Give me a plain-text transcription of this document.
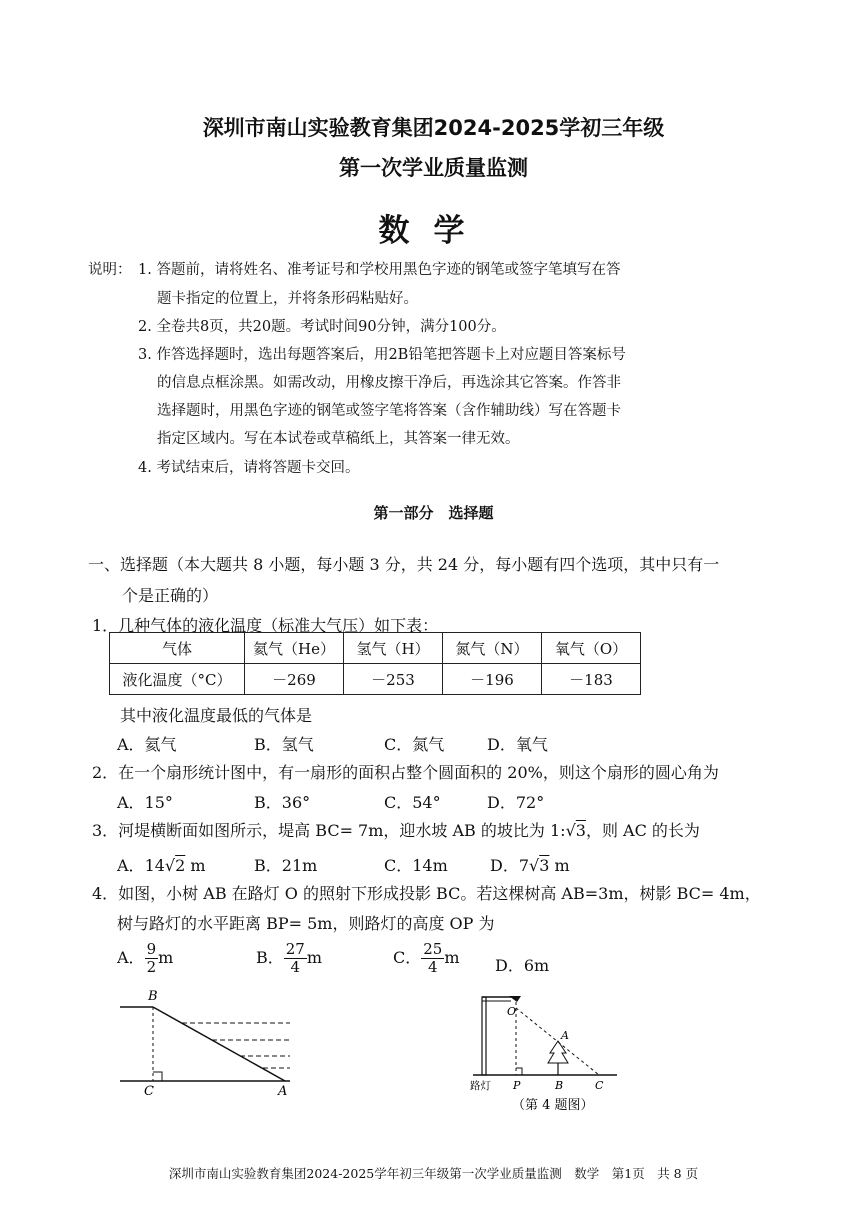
深圳市南山实验教育集团2024-2025学初三年级
第一次学业质量监测
数学
说明： 1. 答题前，请将姓名、准考证号和学校用黑色字迹的钢笔或签字笔填写在答
题卡指定的位置上，并将条形码粘贴好。
2. 全卷共8页，共20题。考试时间90分钟，满分100分。
3. 作答选择题时，选出每题答案后，用2B铅笔把答题卡上对应题目答案标号
的信息点框涂黑。如需改动，用橡皮擦干净后，再选涂其它答案。作答非
选择题时，用黑色字迹的钢笔或签字笔将答案（含作辅助线）写在答题卡
指定区域内。写在本试卷或草稿纸上，其答案一律无效。
4. 考试结束后，请将答题卡交回。
第一部分　选择题
一、选择题（本大题共 8 小题，每小题 3 分，共 24 分，每小题有四个选项，其中只有一
个是正确的）
1．几种气体的液化温度（标准大气压）如下表：
气体	氦气（He）	氢气（H）	氮气（N）	氧气（O）
液化温度（°C）	－269	－253	－196	－183
其中液化温度最低的气体是
A．氦气	B．氢气	C．氮气	D．氧气
2．在一个扇形统计图中，有一扇形的面积占整个圆面积的 20%，则这个扇形的圆心角为
A．15°	B．36°	C．54°	D．72°
3．河堤横断面如图所示，堤高 BC= 7m，迎水坡 AB 的坡比为 1:√3，则 AC 的长为
A．14√2 m	B．21m	C．14m	D．7√3 m
4．如图，小树 AB 在路灯 O 的照射下形成投影 BC。若这棵树高 AB=3m，树影 BC= 4m，
树与路灯的水平距离 BP= 5m，则路灯的高度 OP 为
A． $\frac{9}{2}$ m	B． $\frac{27}{4}$ m	C． $\frac{25}{4}$ m D．6m
B
C	A
O
A
路灯 P	B	C
（第 4 题图）
深圳市南山实验教育集团2024-2025学年初三年级第一次学业质量监测　数学　第1页　共 8 页
